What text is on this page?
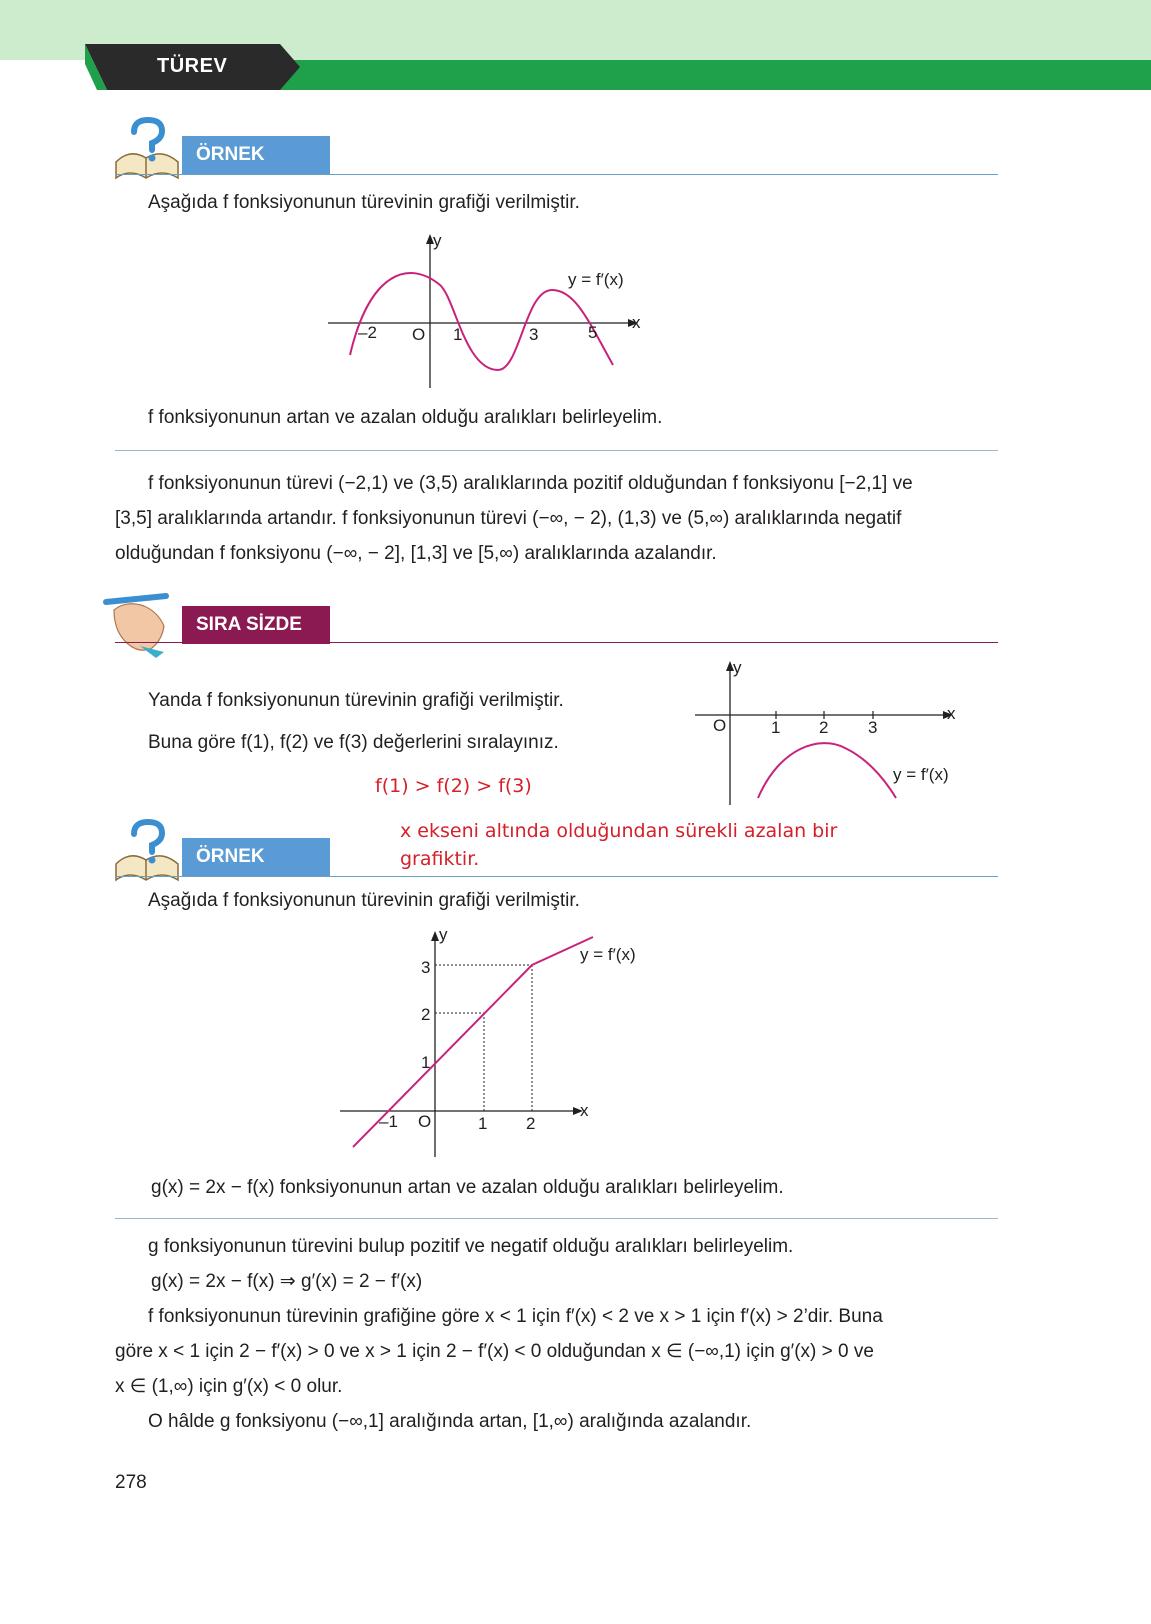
TÜREV
ÖRNEK
Aşağıda f fonksiyonunun türevinin grafiği verilmiştir.
y
x
y = f′(x)
–2 O 1	3	5
f fonksiyonunun artan ve azalan olduğu aralıkları belirleyelim.
f fonksiyonunun türevi (−2,1) ve (3,5) aralıklarında pozitif olduğundan f fonksiyonu [−2,1] ve
[3,5] aralıklarında artandır. f fonksiyonunun türevi (−∞, − 2), (1,3) ve (5,∞) aralıklarında negatif
olduğundan f fonksiyonu (−∞, − 2], [1,3] ve [5,∞) aralıklarında azalandır.
SIRA SİZDE
Yanda f fonksiyonunun türevinin grafiği verilmiştir.
Buna göre f(1), f(2) ve f(3) değerlerini sıralayınız.
f(1) > f(2) > f(3)
x ekseni altında olduğundan sürekli azalan bir
grafiktir.
y
x
O	1 2 3
y = f′(x)
ÖRNEK
Aşağıda f fonksiyonunun türevinin grafiği verilmiştir.
y
x
y = f′(x)
3
2
1
–1 O	1 2
g(x) = 2x − f(x) fonksiyonunun artan ve azalan olduğu aralıkları belirleyelim.
g fonksiyonunun türevini bulup pozitif ve negatif olduğu aralıkları belirleyelim.
g(x) = 2x − f(x) ⇒ g′(x) = 2 − f′(x)
f fonksiyonunun türevinin grafiğine göre x < 1 için f′(x) < 2 ve x > 1 için f′(x) > 2’dir. Buna
göre x < 1 için 2 − f′(x) > 0 ve x > 1 için 2 − f′(x) < 0 olduğundan x ∈ (−∞,1) için g′(x) > 0 ve
x ∈ (1,∞) için g′(x) < 0 olur.
O hâlde g fonksiyonu (−∞,1] aralığında artan, [1,∞) aralığında azalandır.
278
